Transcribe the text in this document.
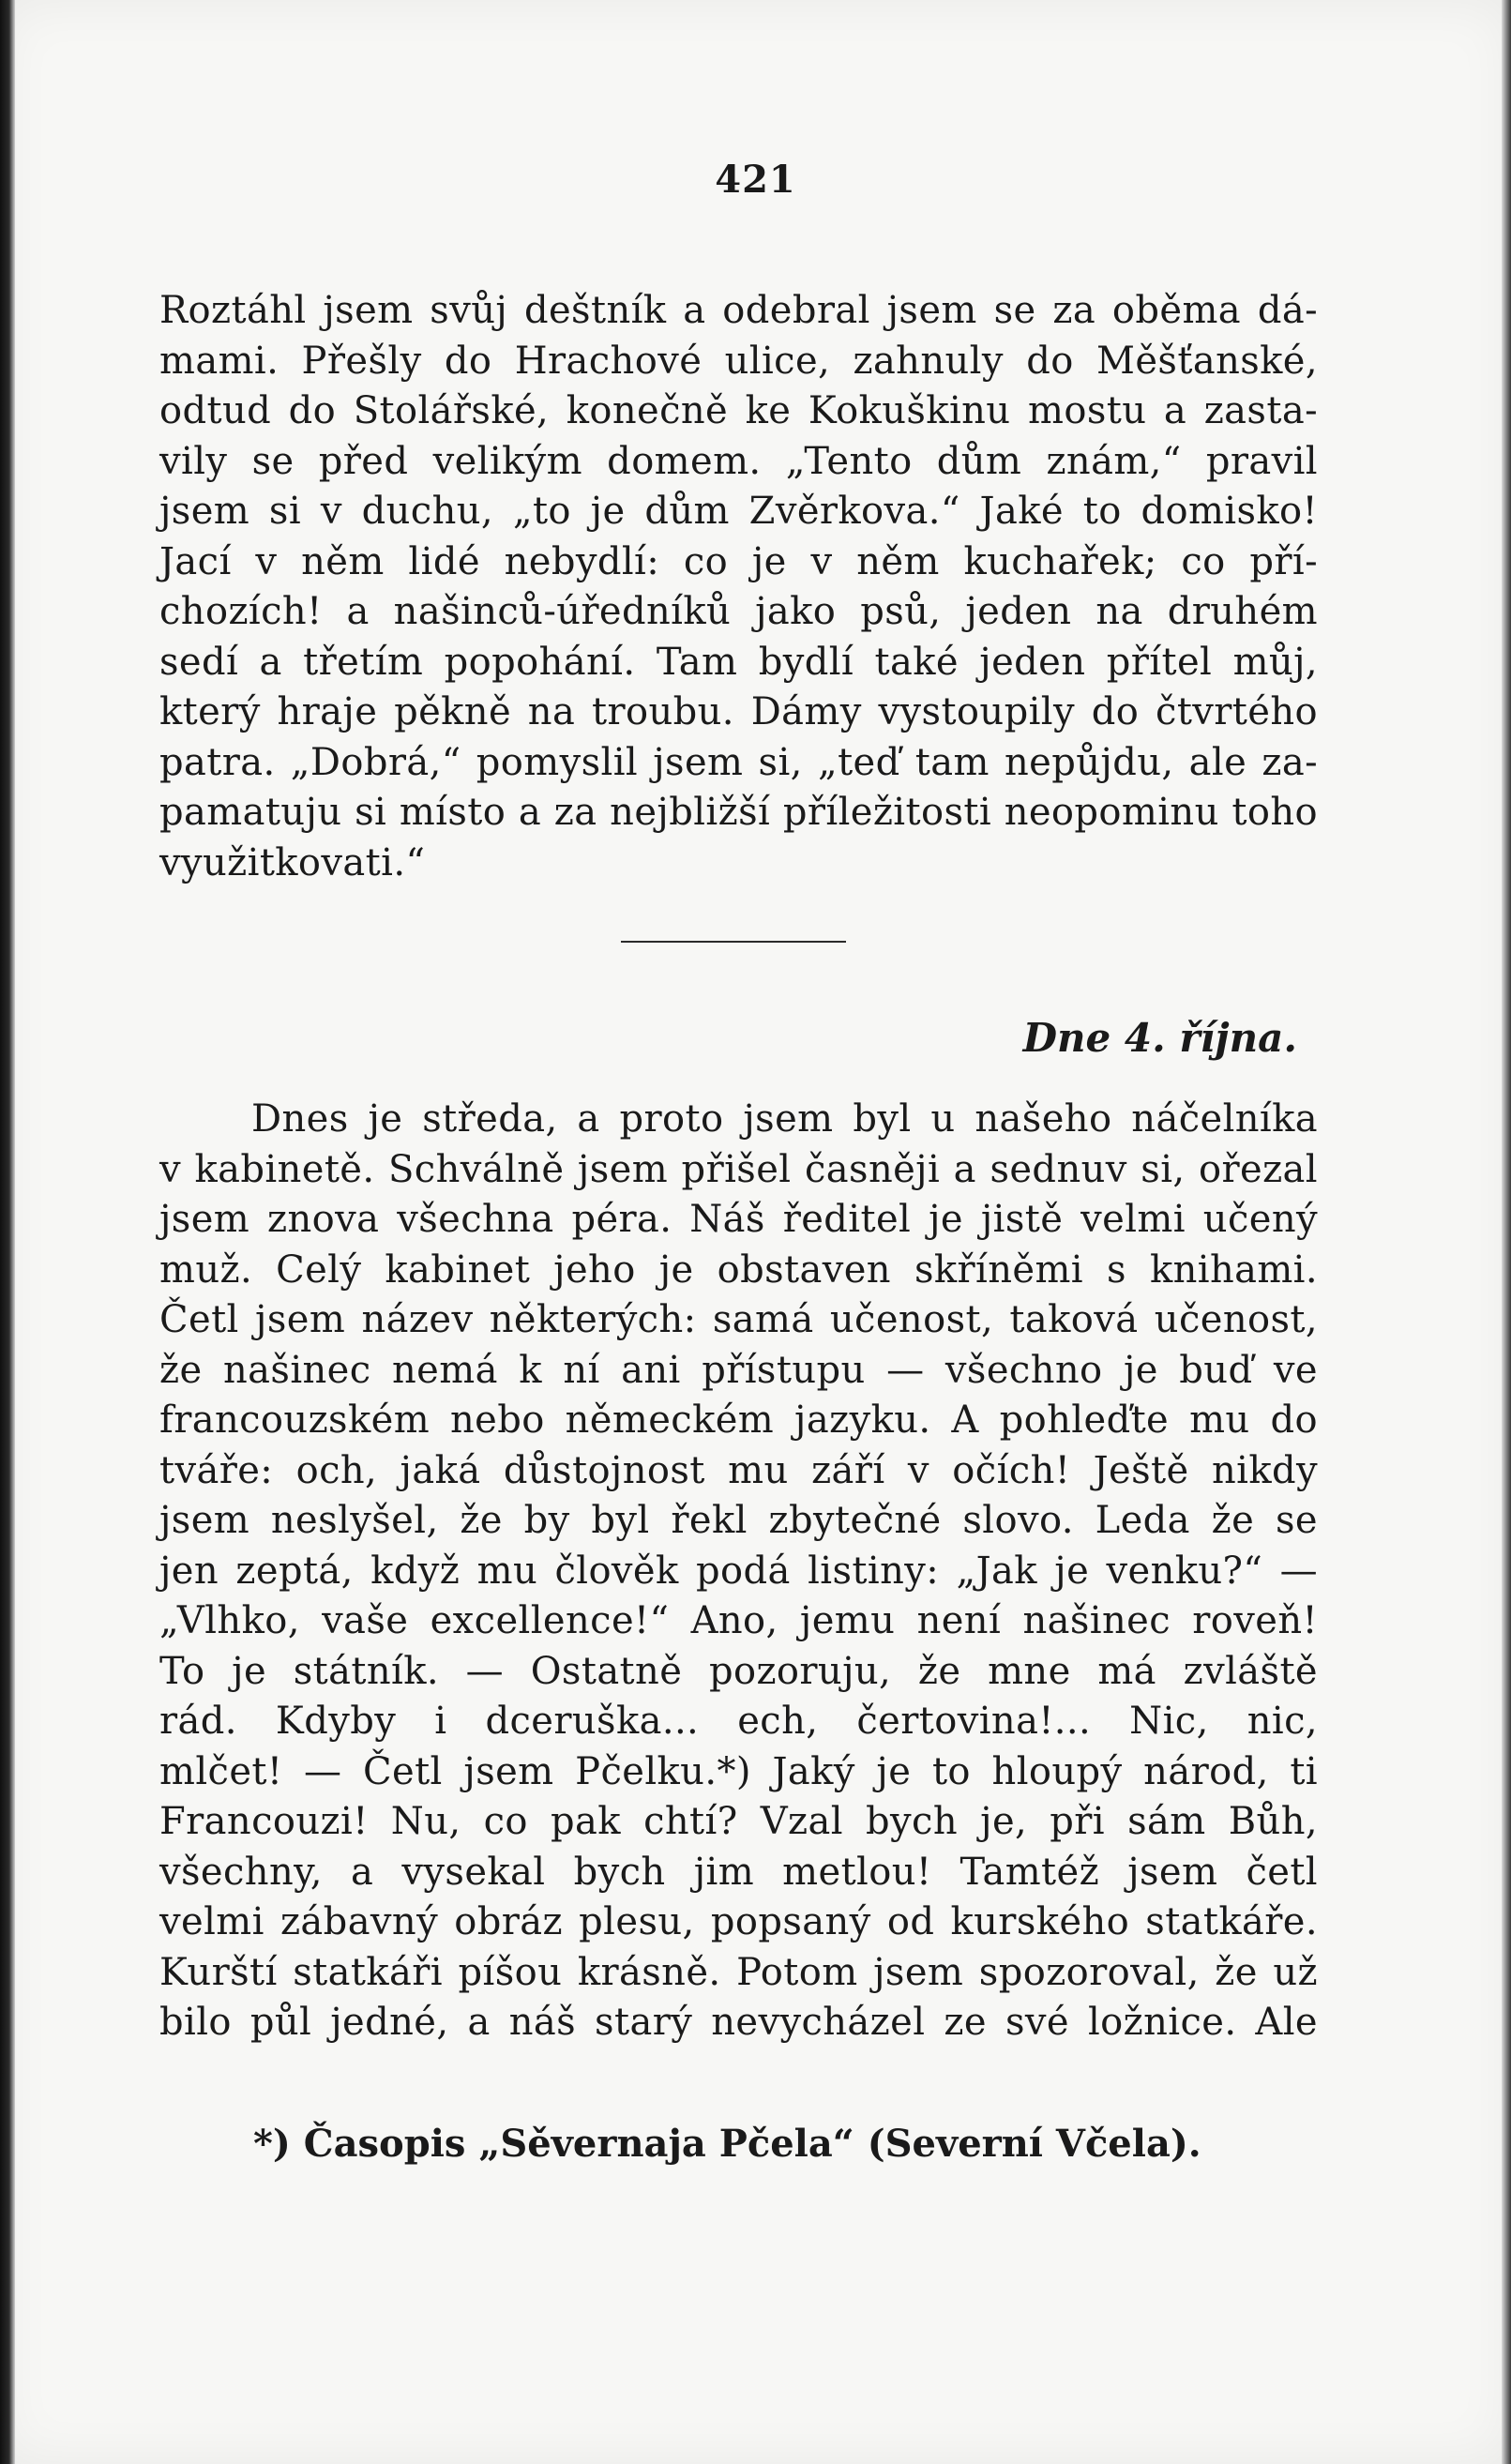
421
Roztáhl jsem svůj deštník a odebral jsem se za oběma dá-
mami. Přešly do Hrachové ulice, zahnuly do Měšťanské,
odtud do Stolářské, konečně ke Kokuškinu mostu a zasta-
vily se před velikým domem. „Tento dům znám,“ pravil
jsem si v duchu, „to je dům Zvěrkova.“ Jaké to domisko!
Jací v něm lidé nebydlí: co je v něm kuchařek; co pří-
chozích! a našinců-úředníků jako psů, jeden na druhém
sedí a třetím popohání. Tam bydlí také jeden přítel můj,
který hraje pěkně na troubu. Dámy vystoupily do čtvrtého
patra. „Dobrá,“ pomyslil jsem si, „teď tam nepůjdu, ale za-
pamatuju si místo a za nejbližší příležitosti neopominu toho
využitkovati.“
Dne 4. října.
Dnes je středa, a proto jsem byl u našeho náčelníka
v kabinetě. Schválně jsem přišel časněji a sednuv si, ořezal
jsem znova všechna péra. Náš ředitel je jistě velmi učený
muž. Celý kabinet jeho je obstaven skříněmi s knihami.
Četl jsem název některých: samá učenost, taková učenost,
že našinec nemá k ní ani přístupu — všechno je buď ve
francouzském nebo německém jazyku. A pohleďte mu do
tváře: och, jaká důstojnost mu září v očích! Ještě nikdy
jsem neslyšel, že by byl řekl zbytečné slovo. Leda že se
jen zeptá, když mu člověk podá listiny: „Jak je venku?“ —
„Vlhko, vaše excellence!“ Ano, jemu není našinec roveň!
To je státník. — Ostatně pozoruju, že mne má zvláště
rád. Kdyby i dceruška... ech, čertovina!... Nic, nic,
mlčet! — Četl jsem Pčelku.*) Jaký je to hloupý národ, ti
Francouzi! Nu, co pak chtí? Vzal bych je, při sám Bůh,
všechny, a vysekal bych jim metlou! Tamtéž jsem četl
velmi zábavný obráz plesu, popsaný od kurského statkáře.
Kurští statkáři píšou krásně. Potom jsem spozoroval, že už
bilo půl jedné, a náš starý nevycházel ze své ložnice. Ale
*) Časopis „Sěvernaja Pčela“ (Severní Včela).
